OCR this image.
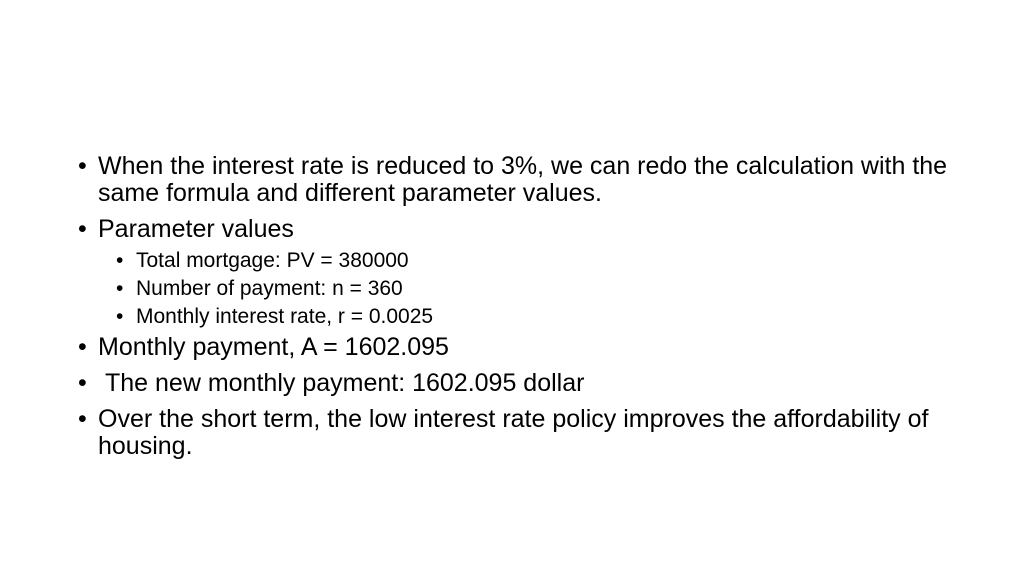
• When the interest rate is reduced to 3%, we can redo the calculation with the same formula and different parameter values.
• Parameter values
• Total mortgage: PV = 380000
• Number of payment: n = 360
• Monthly interest rate, r = 0.0025
• Monthly payment, A = 1602.095
• The new monthly payment: 1602.095 dollar
• Over the short term, the low interest rate policy improves the affordability of housing.
